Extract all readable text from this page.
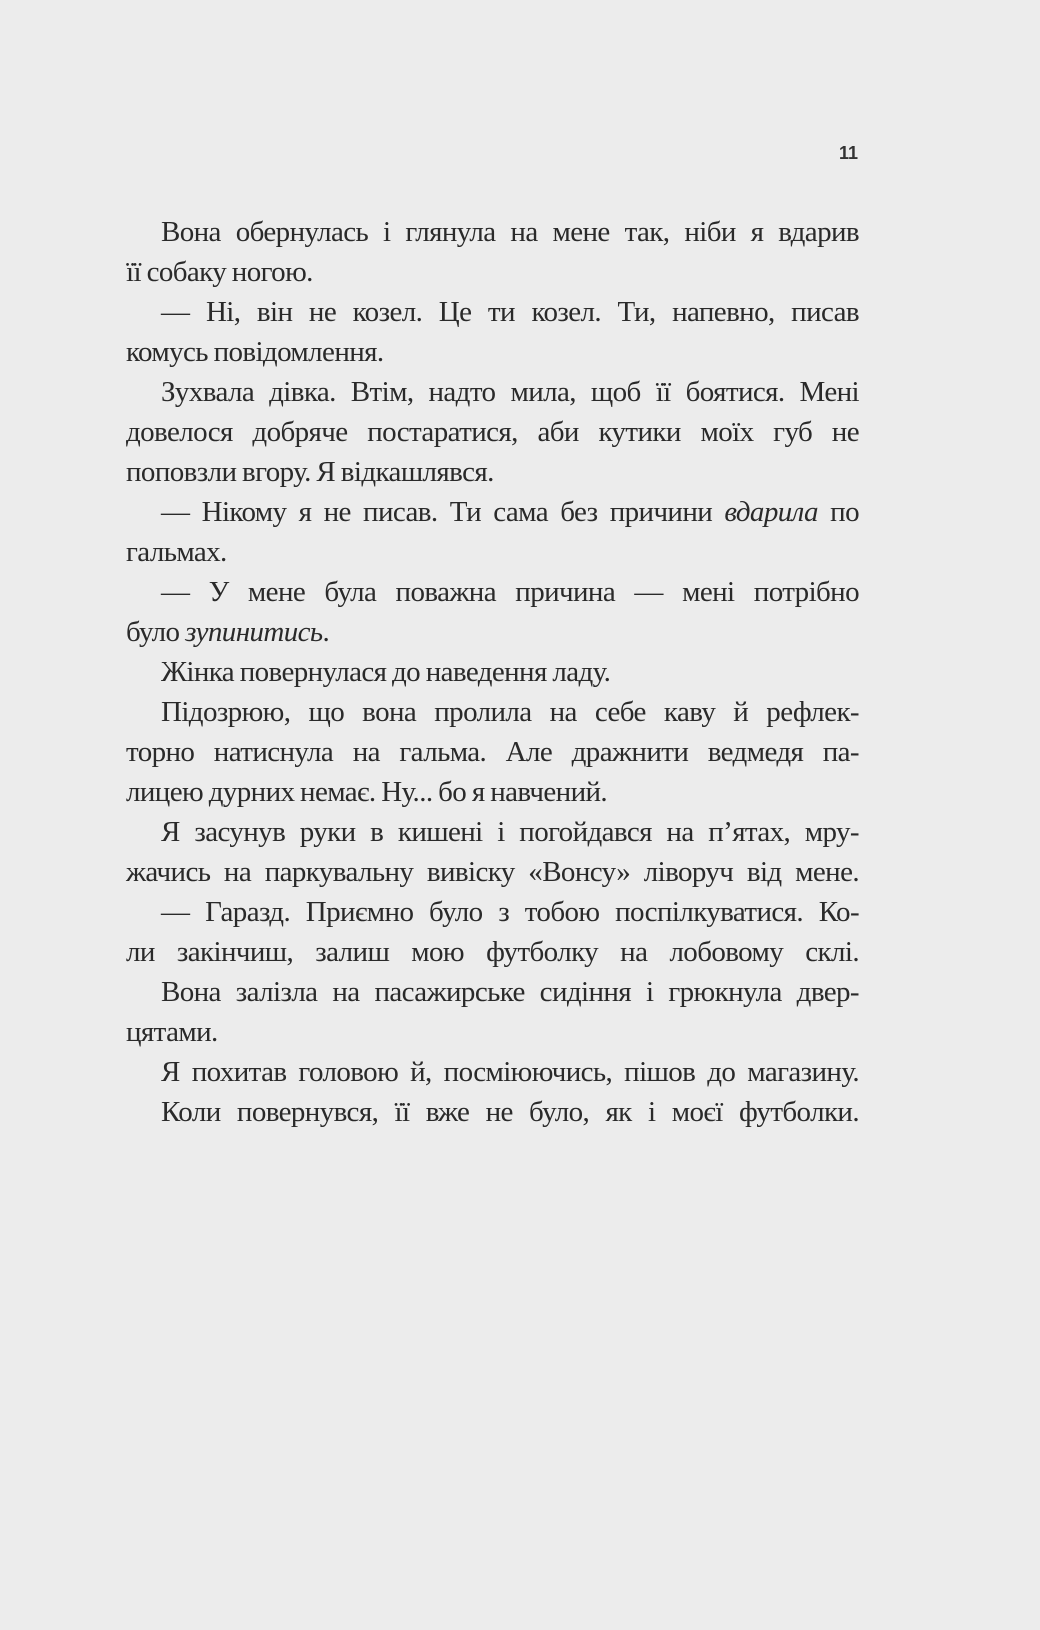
11

Вона обернулась і глянула на мене так, ніби я вдарив
її собаку ногою.

— Ні, він не козел. Це ти козел. Ти, напевно, писав
комусь повідомлення.

Зухвала дівка. Втім, надто мила, щоб її боятися. Мені
довелося добряче постаратися, аби кутики моїх губ не
поповзли вгору. Я відкашлявся.

— Нікому я не писав. Ти сама без причини вдарила по
гальмах.

— У мене була поважна причина — мені потрібно
було зупинитись.

Жінка повернулася до наведення ладу.

Підозрюю, що вона пролила на себе каву й рефлек-
торно натиснула на гальма. Але дражнити ведмедя па-
лицею дурних немає. Ну... бо я навчений.

Я засунув руки в кишені і погойдався на п’ятах, мру-
жачись на паркувальну вивіску «Вонсу» ліворуч від мене.

— Гаразд. Приємно було з тобою поспілкуватися. Ко-
ли закінчиш, залиш мою футболку на лобовому склі.

Вона залізла на пасажирське сидіння і грюкнула двер-
цятами.

Я похитав головою й, посміюючись, пішов до магазину.

Коли повернувся, її вже не було, як і моєї футболки.
